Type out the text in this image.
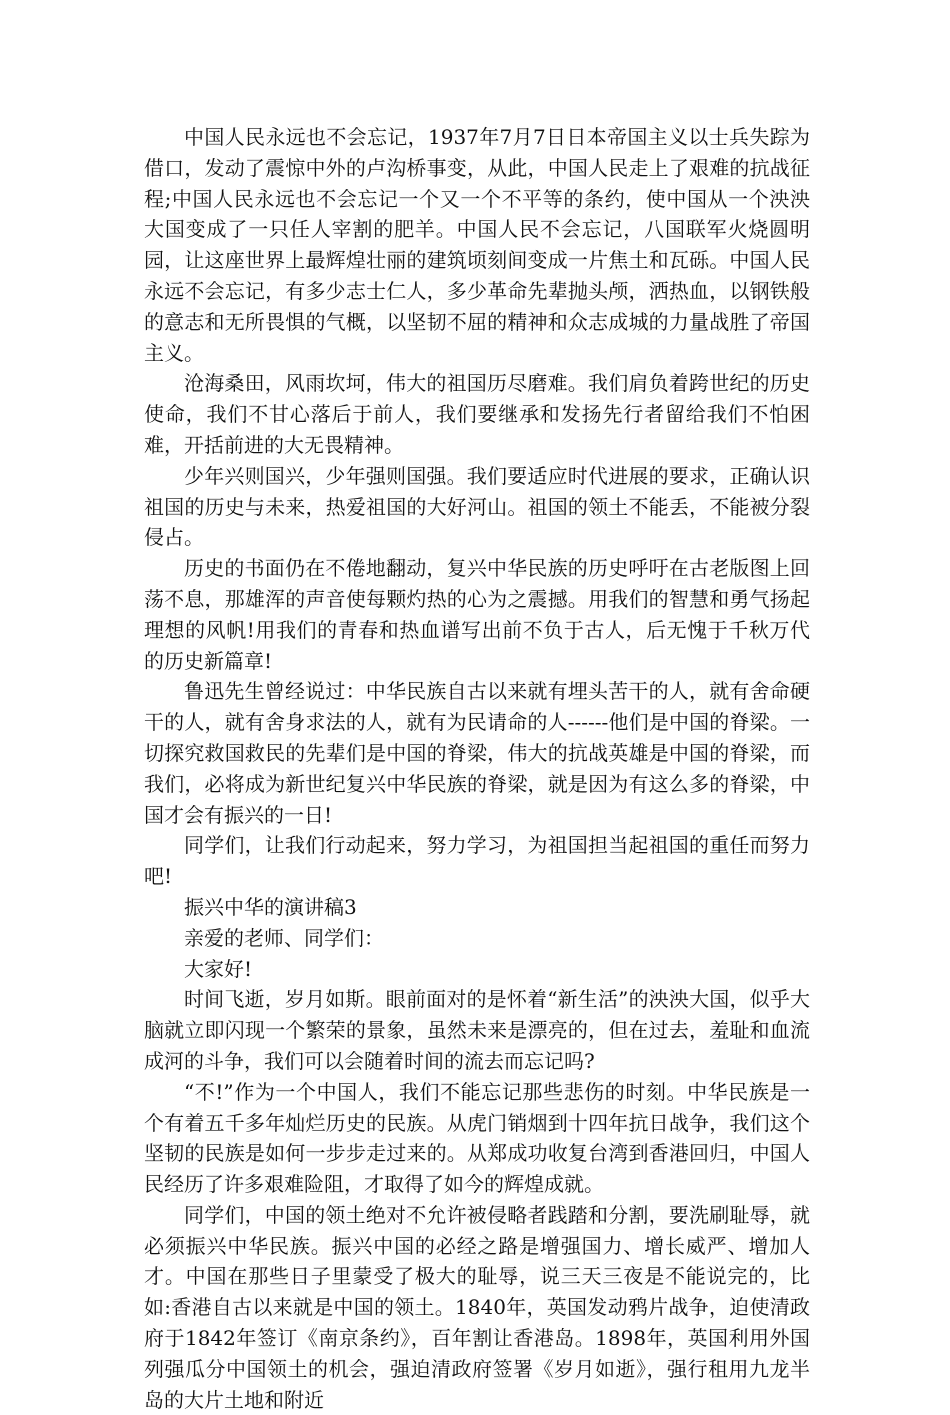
中国人民永远也不会忘记，1937年7月7日日本帝国主义以士兵失踪为借口，发动了震惊中外的卢沟桥事变，从此，中国人民走上了艰难的抗战征程;中国人民永远也不会忘记一个又一个不平等的条约，使中国从一个泱泱大国变成了一只任人宰割的肥羊。中国人民不会忘记，八国联军火烧圆明园，让这座世界上最辉煌壮丽的建筑顷刻间变成一片焦土和瓦砾。中国人民永远不会忘记，有多少志士仁人，多少革命先辈抛头颅，洒热血，以钢铁般的意志和无所畏惧的气概，以坚韧不屈的精神和众志成城的力量战胜了帝国主义。

沧海桑田，风雨坎坷，伟大的祖国历尽磨难。我们肩负着跨世纪的历史使命，我们不甘心落后于前人，我们要继承和发扬先行者留给我们不怕困难，开括前进的大无畏精神。

少年兴则国兴，少年强则国强。我们要适应时代进展的要求，正确认识祖国的历史与未来，热爱祖国的大好河山。祖国的领土不能丢，不能被分裂侵占。

历史的书面仍在不倦地翻动，复兴中华民族的历史呼吁在古老版图上回荡不息，那雄浑的声音使每颗灼热的心为之震撼。用我们的智慧和勇气扬起理想的风帆!用我们的青春和热血谱写出前不负于古人，后无愧于千秋万代的历史新篇章!

鲁迅先生曾经说过：中华民族自古以来就有埋头苦干的人，就有舍命硬干的人，就有舍身求法的人，就有为民请命的人------他们是中国的脊梁。一切探究救国救民的先辈们是中国的脊梁，伟大的抗战英雄是中国的脊梁，而我们，必将成为新世纪复兴中华民族的脊梁，就是因为有这么多的脊梁，中国才会有振兴的一日!

同学们，让我们行动起来，努力学习，为祖国担当起祖国的重任而努力吧!

振兴中华的演讲稿3

亲爱的老师、同学们：

大家好!

时间飞逝，岁月如斯。眼前面对的是怀着“新生活”的泱泱大国，似乎大脑就立即闪现一个繁荣的景象，虽然未来是漂亮的，但在过去，羞耻和血流成河的斗争，我们可以会随着时间的流去而忘记吗?

“不!”作为一个中国人，我们不能忘记那些悲伤的时刻。中华民族是一个有着五千多年灿烂历史的民族。从虎门销烟到十四年抗日战争，我们这个坚韧的民族是如何一步步走过来的。从郑成功收复台湾到香港回归，中国人民经历了许多艰难险阻，才取得了如今的辉煌成就。

同学们，中国的领土绝对不允许被侵略者践踏和分割，要洗刷耻辱，就必须振兴中华民族。振兴中国的必经之路是增强国力、增长威严、增加人才。中国在那些日子里蒙受了极大的耻辱，说三天三夜是不能说完的，比如:香港自古以来就是中国的领土。1840年，英国发动鸦片战争，迫使清政府于1842年签订《南京条约》，百年割让香港岛。1898年，英国利用外国列强瓜分中国领土的机会，强迫清政府签署《岁月如逝》，强行租用九龙半岛的大片土地和附近
